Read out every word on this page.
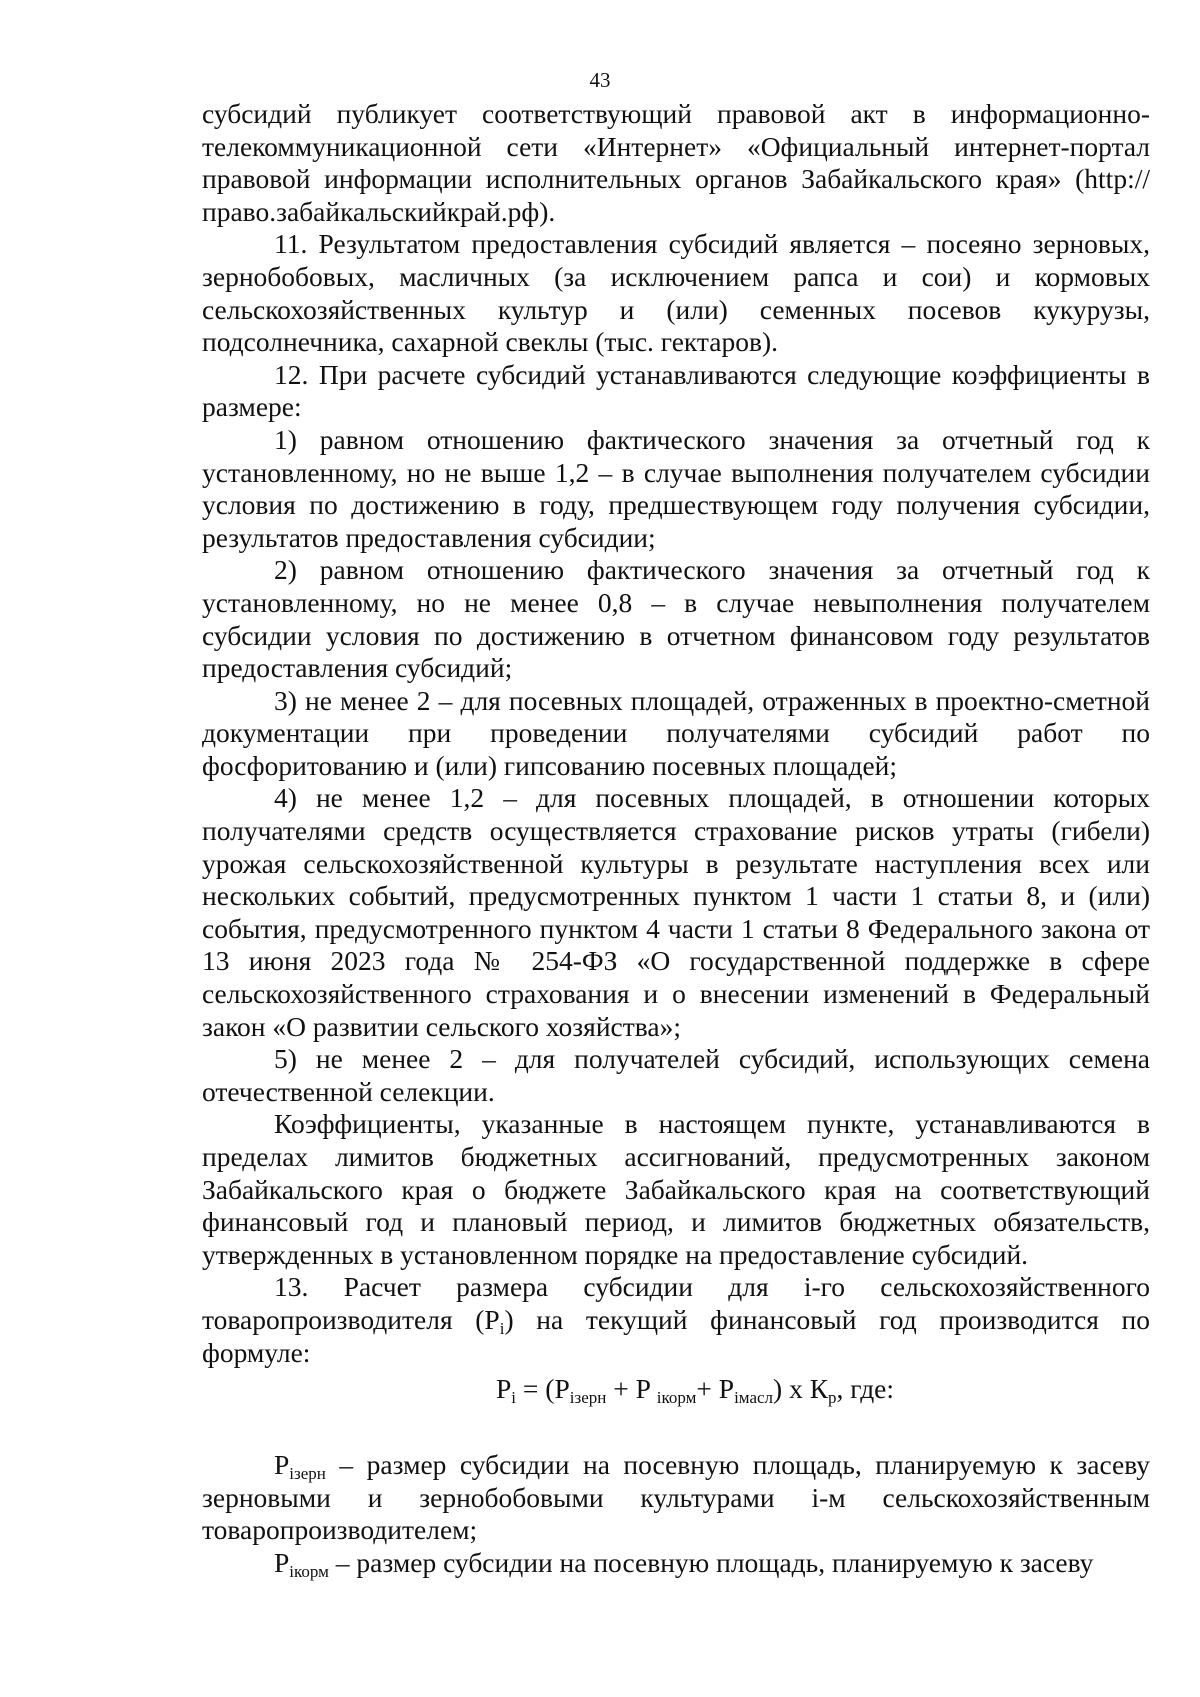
43

субсидий публикует соответствующий правовой акт в информационно-телекоммуникационной сети «Интернет» «Официальный интернет-портал правовой информации исполнительных органов Забайкальского края» (http://право.забайкальскийкрай.рф).

11. Результатом предоставления субсидий является – посеяно зерновых, зернобобовых, масличных (за исключением рапса и сои) и кормовых сельскохозяйственных культур и (или) семенных посевов кукурузы, подсолнечника, сахарной свеклы (тыс. гектаров).

12. При расчете субсидий устанавливаются следующие коэффициенты в размере:

1) равном отношению фактического значения за отчетный год к установленному, но не выше 1,2 – в случае выполнения получателем субсидии условия по достижению в году, предшествующем году получения субсидии, результатов предоставления субсидии;

2) равном отношению фактического значения за отчетный год к установленному, но не менее 0,8 – в случае невыполнения получателем субсидии условия по достижению в отчетном финансовом году результатов предоставления субсидий;

3) не менее 2 – для посевных площадей, отраженных в проектно-сметной документации при проведении получателями субсидий работ по фосфоритованию и (или) гипсованию посевных площадей;

4) не менее 1,2 – для посевных площадей, в отношении которых получателями средств осуществляется страхование рисков утраты (гибели) урожая сельскохозяйственной культуры в результате наступления всех или нескольких событий, предусмотренных пунктом 1 части 1 статьи 8, и (или) события, предусмотренного пунктом 4 части 1 статьи 8 Федерального закона от 13 июня 2023 года № 254-ФЗ «О государственной поддержке в сфере сельскохозяйственного страхования и о внесении изменений в Федеральный закон «О развитии сельского хозяйства»;

5) не менее 2 – для получателей субсидий, использующих семена отечественной селекции.

Коэффициенты, указанные в настоящем пункте, устанавливаются в пределах лимитов бюджетных ассигнований, предусмотренных законом Забайкальского края о бюджете Забайкальского края на соответствующий финансовый год и плановый период, и лимитов бюджетных обязательств, утвержденных в установленном порядке на предоставление субсидий.

13. Расчет размера субсидии для i-го сельскохозяйственного товаропроизводителя $(P_i)$ на текущий финансовый год производится по формуле:

$P_i = (P_{iзерн} + P$ $_{iкорм}+ P_{iмасл}$) х $К_р$, где:

$P_{iзерн}$ – размер субсидии на посевную площадь, планируемую к засеву зерновыми и зернобобовыми культурами i-м сельскохозяйственным товаропроизводителем;

$P_{iкорм}$ – размер субсидии на посевную площадь, планируемую к засеву
